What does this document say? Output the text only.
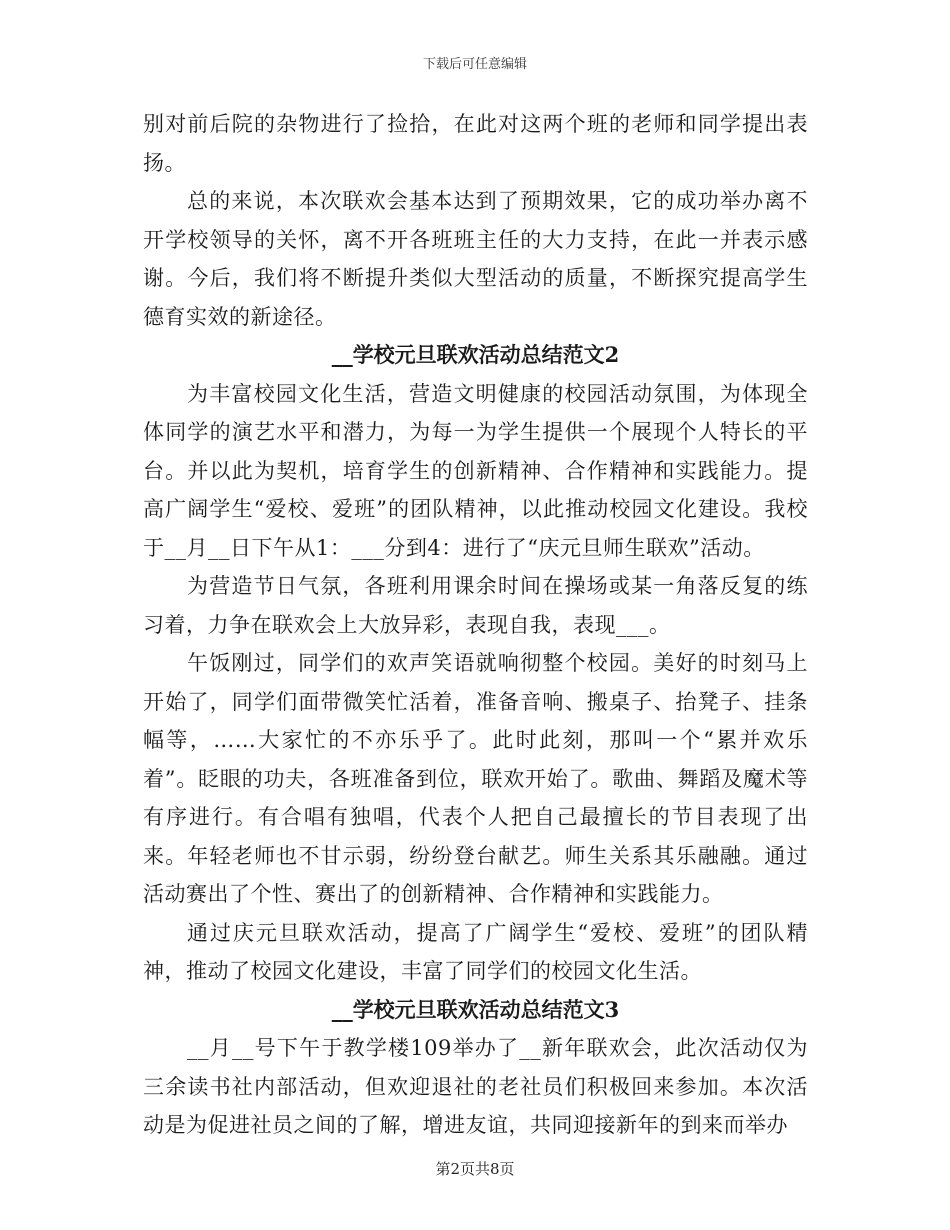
下载后可任意编辑

别对前后院的杂物进行了捡拾，在此对这两个班的老师和同学提出表扬。

总的来说，本次联欢会基本达到了预期效果，它的成功举办离不开学校领导的关怀，离不开各班班主任的大力支持，在此一并表示感谢。今后，我们将不断提升类似大型活动的质量，不断探究提高学生德育实效的新途径。

__学校元旦联欢活动总结范文2

为丰富校园文化生活，营造文明健康的校园活动氛围，为体现全体同学的演艺水平和潜力，为每一为学生提供一个展现个人特长的平台。并以此为契机，培育学生的创新精神、合作精神和实践能力。提高广阔学生“爱校、爱班”的团队精神，以此推动校园文化建设。我校于__月__日下午从1：___分到4：进行了“庆元旦师生联欢”活动。

为营造节日气氛，各班利用课余时间在操场或某一角落反复的练习着，力争在联欢会上大放异彩，表现自我，表现___。

午饭刚过，同学们的欢声笑语就响彻整个校园。美好的时刻马上开始了，同学们面带微笑忙活着，准备音响、搬桌子、抬凳子、挂条幅等，……大家忙的不亦乐乎了。此时此刻，那叫一个“累并欢乐着”。眨眼的功夫，各班准备到位，联欢开始了。歌曲、舞蹈及魔术等有序进行。有合唱有独唱，代表个人把自己最擅长的节目表现了出来。年轻老师也不甘示弱，纷纷登台献艺。师生关系其乐融融。通过活动赛出了个性、赛出了的创新精神、合作精神和实践能力。

通过庆元旦联欢活动，提高了广阔学生“爱校、爱班”的团队精神，推动了校园文化建设，丰富了同学们的校园文化生活。

__学校元旦联欢活动总结范文3

__月__号下午于教学楼109举办了__新年联欢会，此次活动仅为三余读书社内部活动，但欢迎退社的老社员们积极回来参加。本次活动是为促进社员之间的了解，增进友谊，共同迎接新年的到来而举办

第2页共8页
